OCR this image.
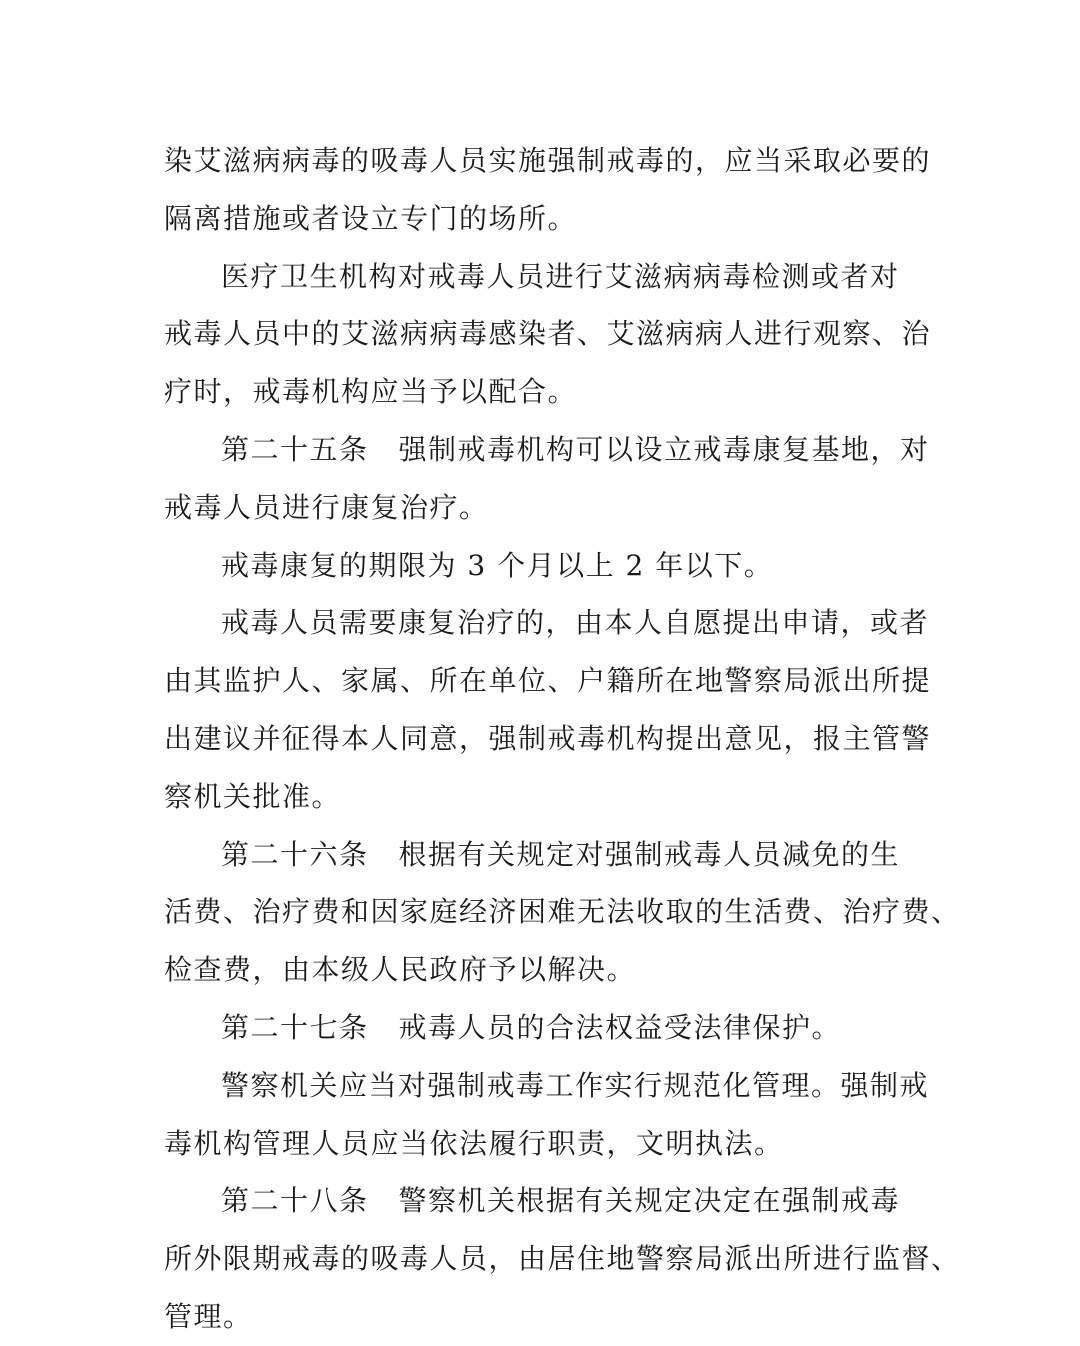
染艾滋病病毒的吸毒人员实施强制戒毒的，应当采取必要的
隔离措施或者设立专门的场所。
医疗卫生机构对戒毒人员进行艾滋病病毒检测或者对
戒毒人员中的艾滋病病毒感染者、艾滋病病人进行观察、治
疗时，戒毒机构应当予以配合。
第二十五条 强制戒毒机构可以设立戒毒康复基地，对
戒毒人员进行康复治疗。
戒毒康复的期限为 3 个月以上 2 年以下。
戒毒人员需要康复治疗的，由本人自愿提出申请，或者
由其监护人、家属、所在单位、户籍所在地警察局派出所提
出建议并征得本人同意，强制戒毒机构提出意见，报主管警
察机关批准。
第二十六条 根据有关规定对强制戒毒人员减免的生
活费、治疗费和因家庭经济困难无法收取的生活费、治疗费、
检查费，由本级人民政府予以解决。
第二十七条 戒毒人员的合法权益受法律保护。
警察机关应当对强制戒毒工作实行规范化管理。强制戒
毒机构管理人员应当依法履行职责，文明执法。
第二十八条 警察机关根据有关规定决定在强制戒毒
所外限期戒毒的吸毒人员，由居住地警察局派出所进行监督、
管理。
